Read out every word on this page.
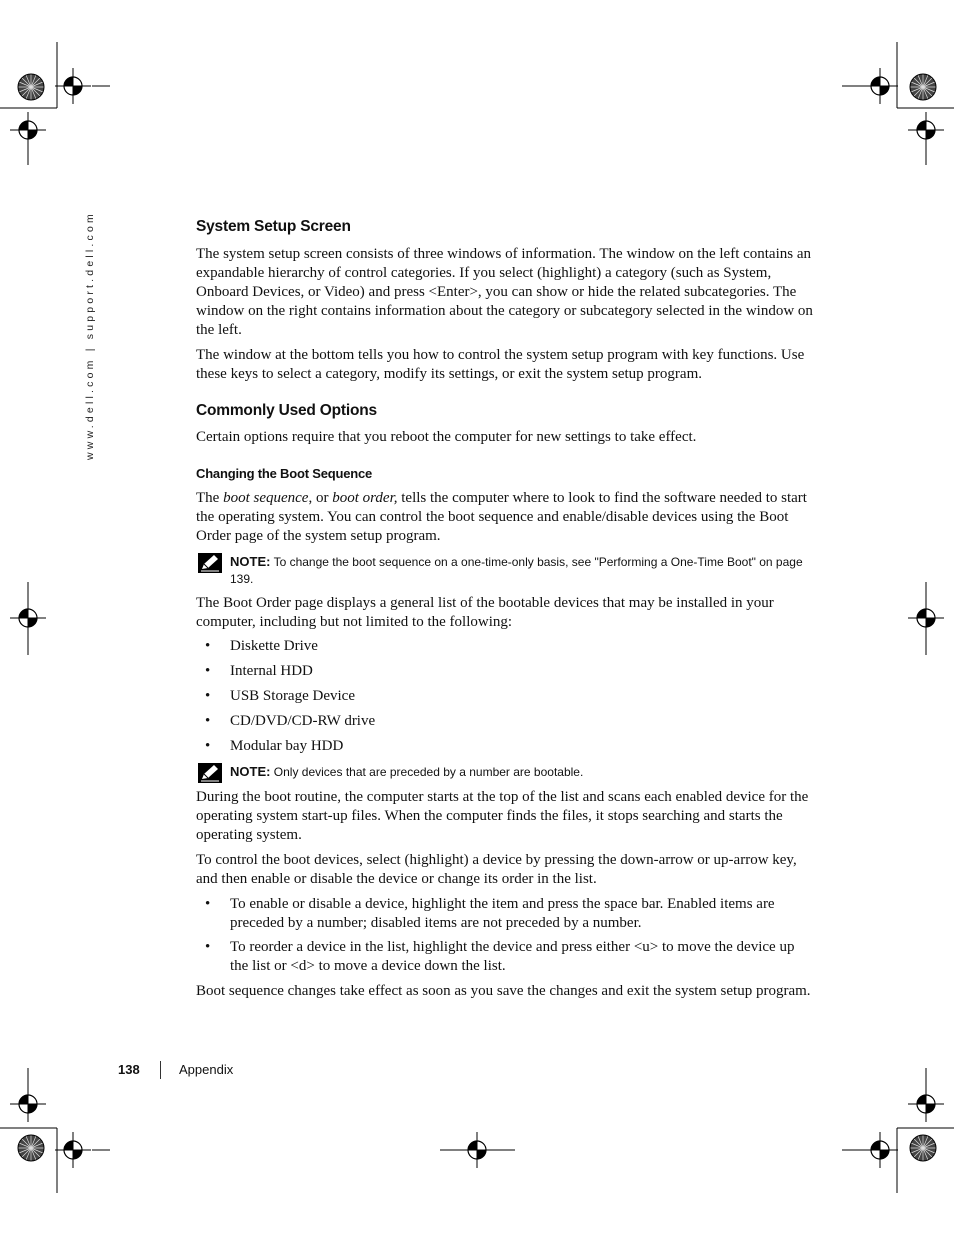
www.dell.com | support.dell.com	System Setup Screen

The system setup screen consists of three windows of information. The window on the left contains an expandable hierarchy of control categories. If you select (highlight) a category (such as System, Onboard Devices, or Video) and press <Enter>, you can show or hide the related subcategories. The window on the right contains information about the category or subcategory selected in the window on the left.

The window at the bottom tells you how to control the system setup program with key functions. Use these keys to select a category, modify its settings, or exit the system setup program.

Commonly Used Options

Certain options require that you reboot the computer for new settings to take effect.

Changing the Boot Sequence

The boot sequence, or boot order, tells the computer where to look to find the software needed to start the operating system. You can control the boot sequence and enable/disable devices using the Boot Order page of the system setup program.

NOTE: To change the boot sequence on a one-time-only basis, see "Performing a One-Time Boot" on page 139.

The Boot Order page displays a general list of the bootable devices that may be installed in your computer, including but not limited to the following:

• Diskette Drive
• Internal HDD
• USB Storage Device
• CD/DVD/CD-RW drive
• Modular bay HDD
NOTE: Only devices that are preceded by a number are bootable.

During the boot routine, the computer starts at the top of the list and scans each enabled device for the operating system start-up files. When the computer finds the files, it stops searching and starts the operating system.

To control the boot devices, select (highlight) a device by pressing the down-arrow or up-arrow key, and then enable or disable the device or change its order in the list.

• To enable or disable a device, highlight the item and press the space bar. Enabled items are preceded by a number; disabled items are not preceded by a number.
• To reorder a device in the list, highlight the device and press either <u> to move the device up the list or <d> to move a device down the list.

Boot sequence changes take effect as soon as you save the changes and exit the system setup program.

138	Appendix
